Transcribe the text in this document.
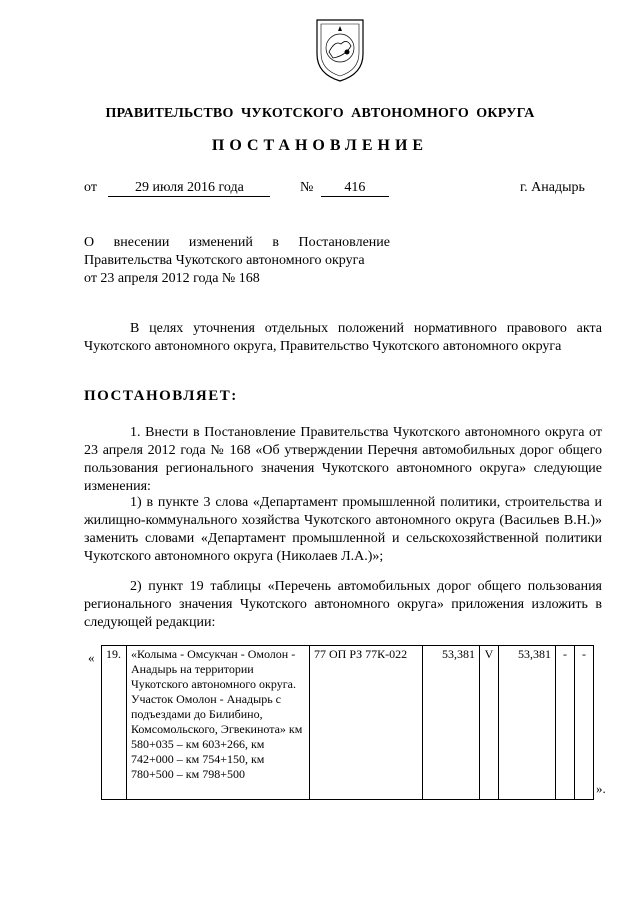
ПРАВИТЕЛЬСТВО  ЧУКОТСКОГО  АВТОНОМНОГО  ОКРУГА
ПОСТАНОВЛЕНИЕ
от	29 июля 2016 года	№ 416	г. Анадырь
О внесении изменений в Постановление
Правительства Чукотского автономного округа
от 23 апреля 2012 года № 168
В целях уточнения отдельных положений нормативного правового акта Чукотского автономного округа, Правительство Чукотского автономного округа
ПОСТАНОВЛЯЕТ:
1. Внести в Постановление Правительства Чукотского автономного округа от 23 апреля 2012 года № 168 «Об утверждении Перечня автомобильных дорог общего пользования регионального значения Чукотского автономного округа» следующие изменения:
1) в пункте 3 слова «Департамент промышленной политики, строительства и жилищно-коммунального хозяйства Чукотского автономного округа (Васильев В.Н.)» заменить словами «Департамент промышленной и сельскохозяйственной политики Чукотского автономного округа (Николаев Л.А.)»;
2) пункт 19 таблицы «Перечень автомобильных дорог общего пользования регионального значения Чукотского автономного округа» приложения изложить в следующей редакции:
« 19.	«Колыма - Омсукчан - Омолон - Анадырь на территории Чукотского автономного округа. Участок Омолон - Анадырь с подъездами до Билибино, Комсомольского, Эгвекинота» км 580+035 – км 603+266, км 742+000 – км 754+150, км 780+500 – км 798+500	77 ОП РЗ 77К-022	53,381	V	53,381	-	-
».
